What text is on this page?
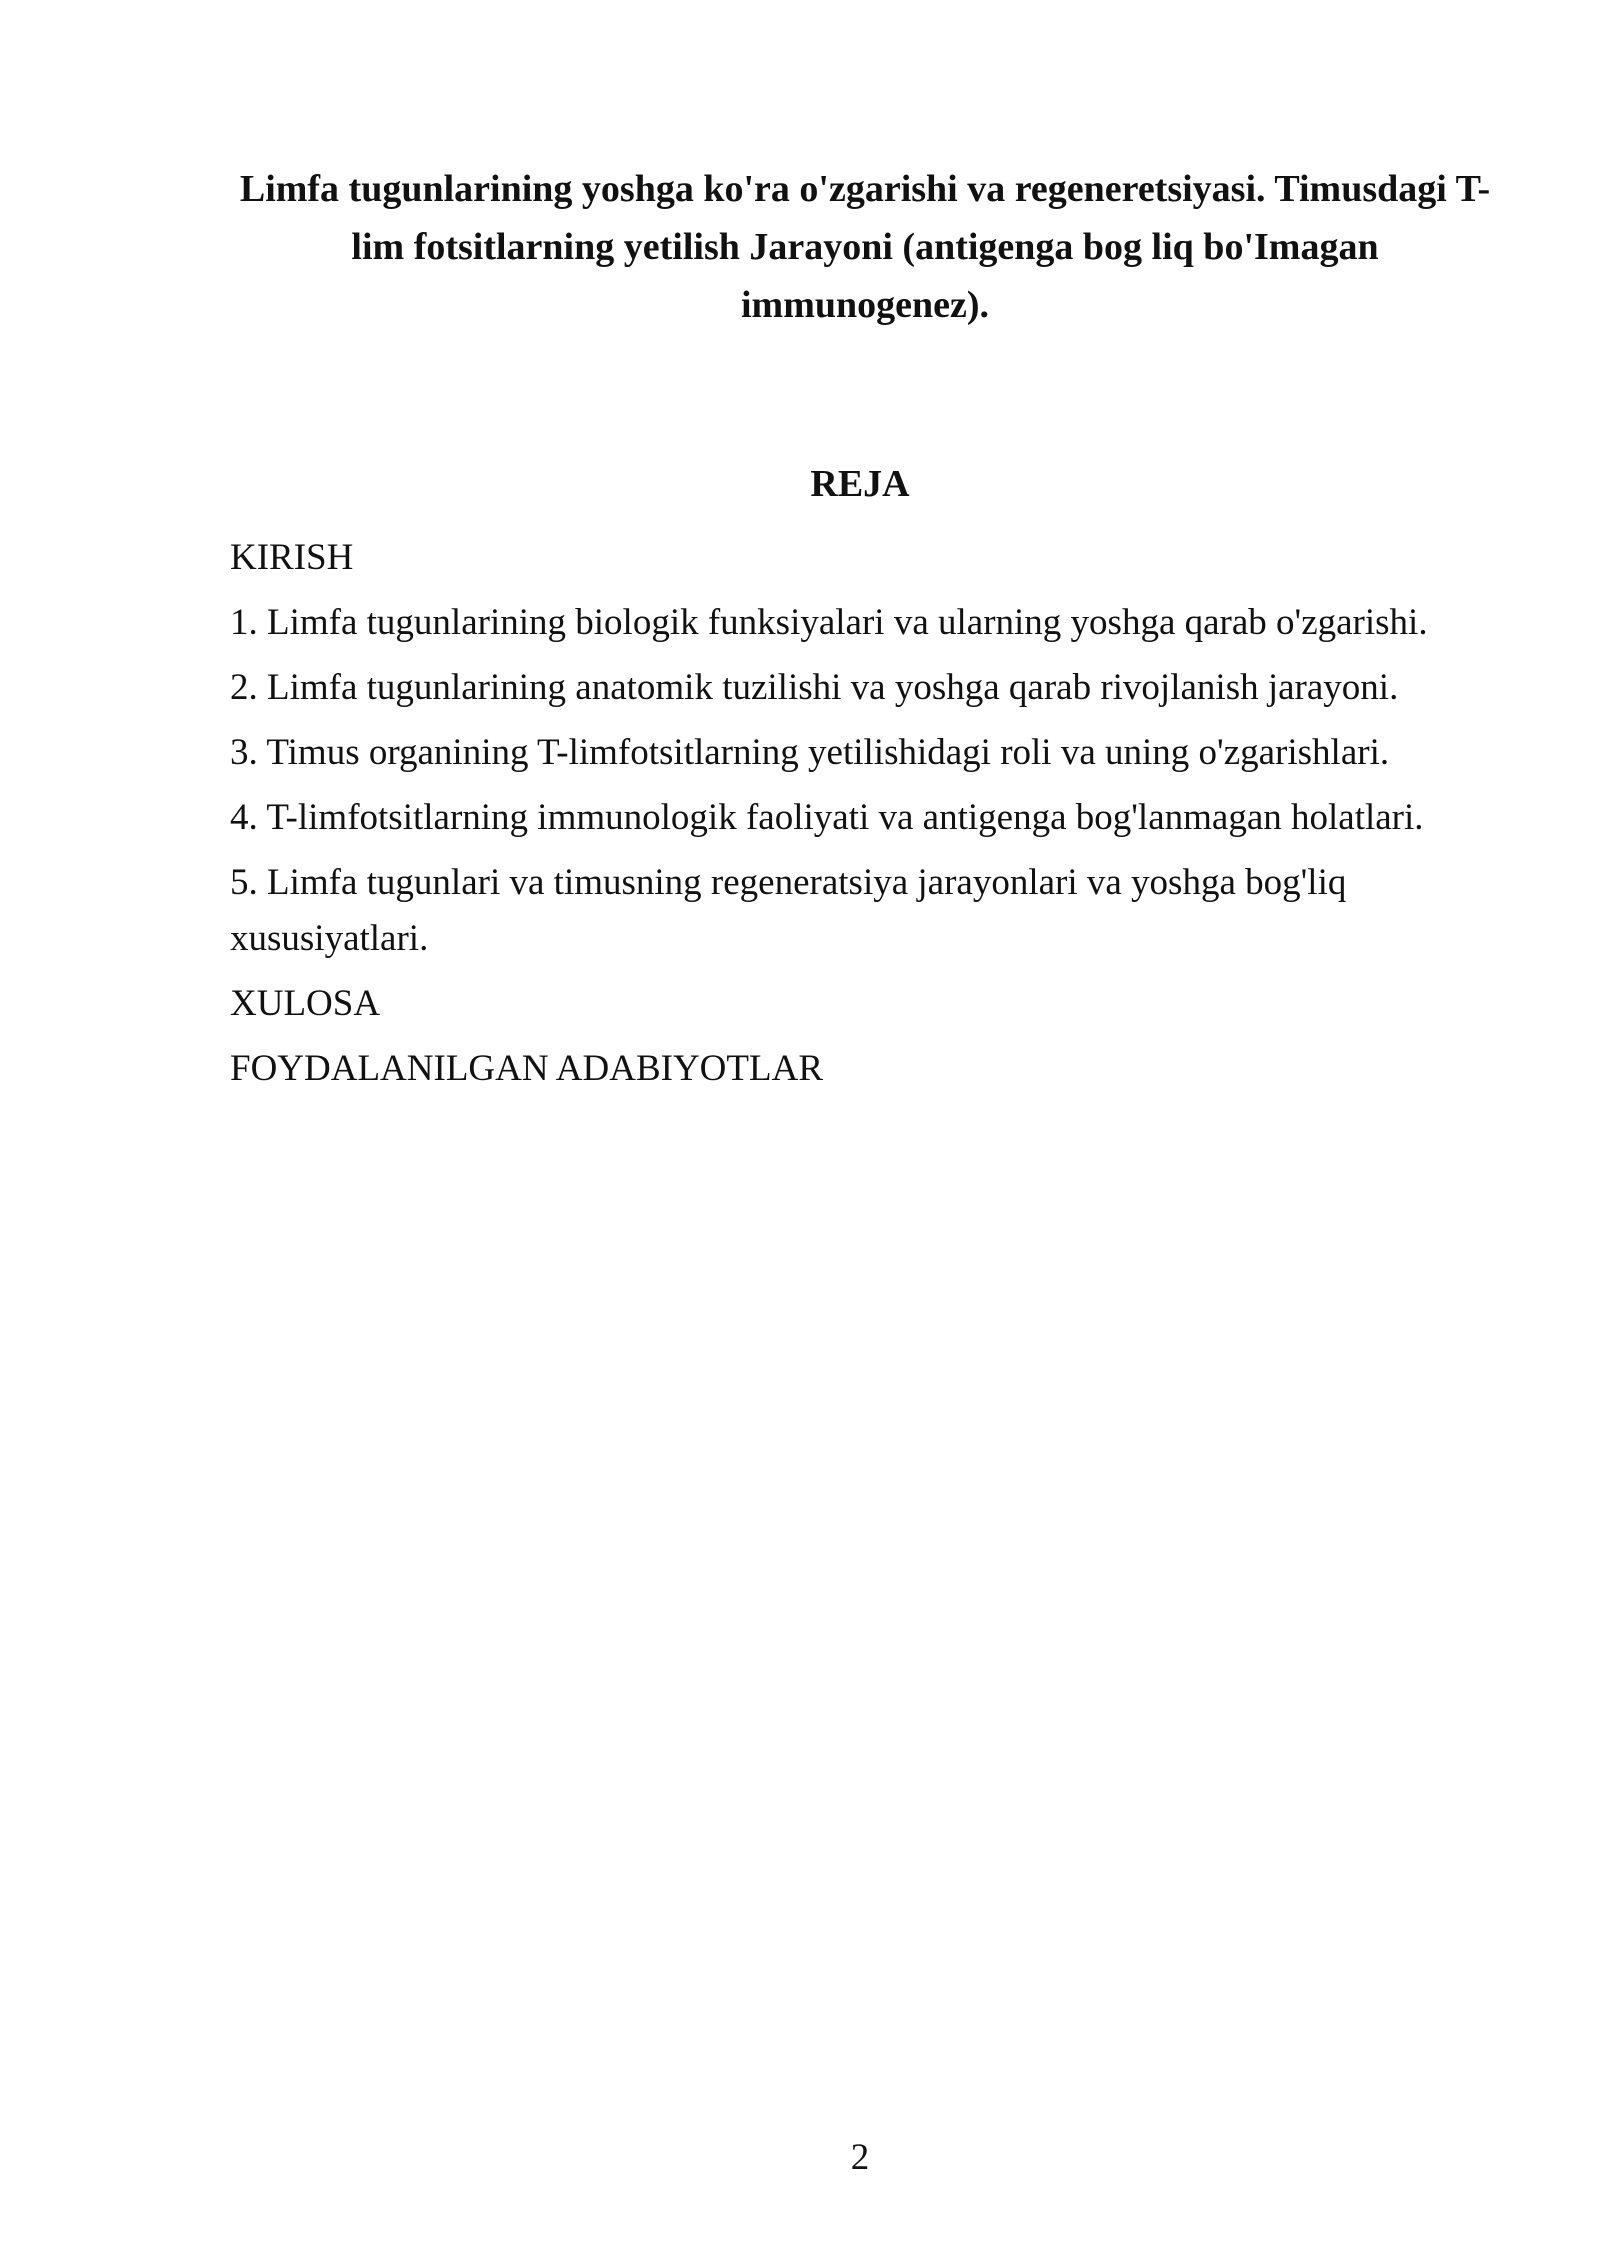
Limfa tugunlarining yoshga ko'ra o'zgarishi va regeneretsiyasi. Timusdagi T-
lim fotsitlarning yetilish Jarayoni (antigenga bog liq bo'Imagan
immunogenez).
REJA
KIRISH
1. Limfa tugunlarining biologik funksiyalari va ularning yoshga qarab o'zgarishi.
2. Limfa tugunlarining anatomik tuzilishi va yoshga qarab rivojlanish jarayoni.
3. Timus organining T-limfotsitlarning yetilishidagi roli va uning o'zgarishlari.
4. T-limfotsitlarning immunologik faoliyati va antigenga bog'lanmagan holatlari.
5. Limfa tugunlari va timusning regeneratsiya jarayonlari va yoshga bog'liq xususiyatlari.
XULOSA
FOYDALANILGAN ADABIYOTLAR
2
